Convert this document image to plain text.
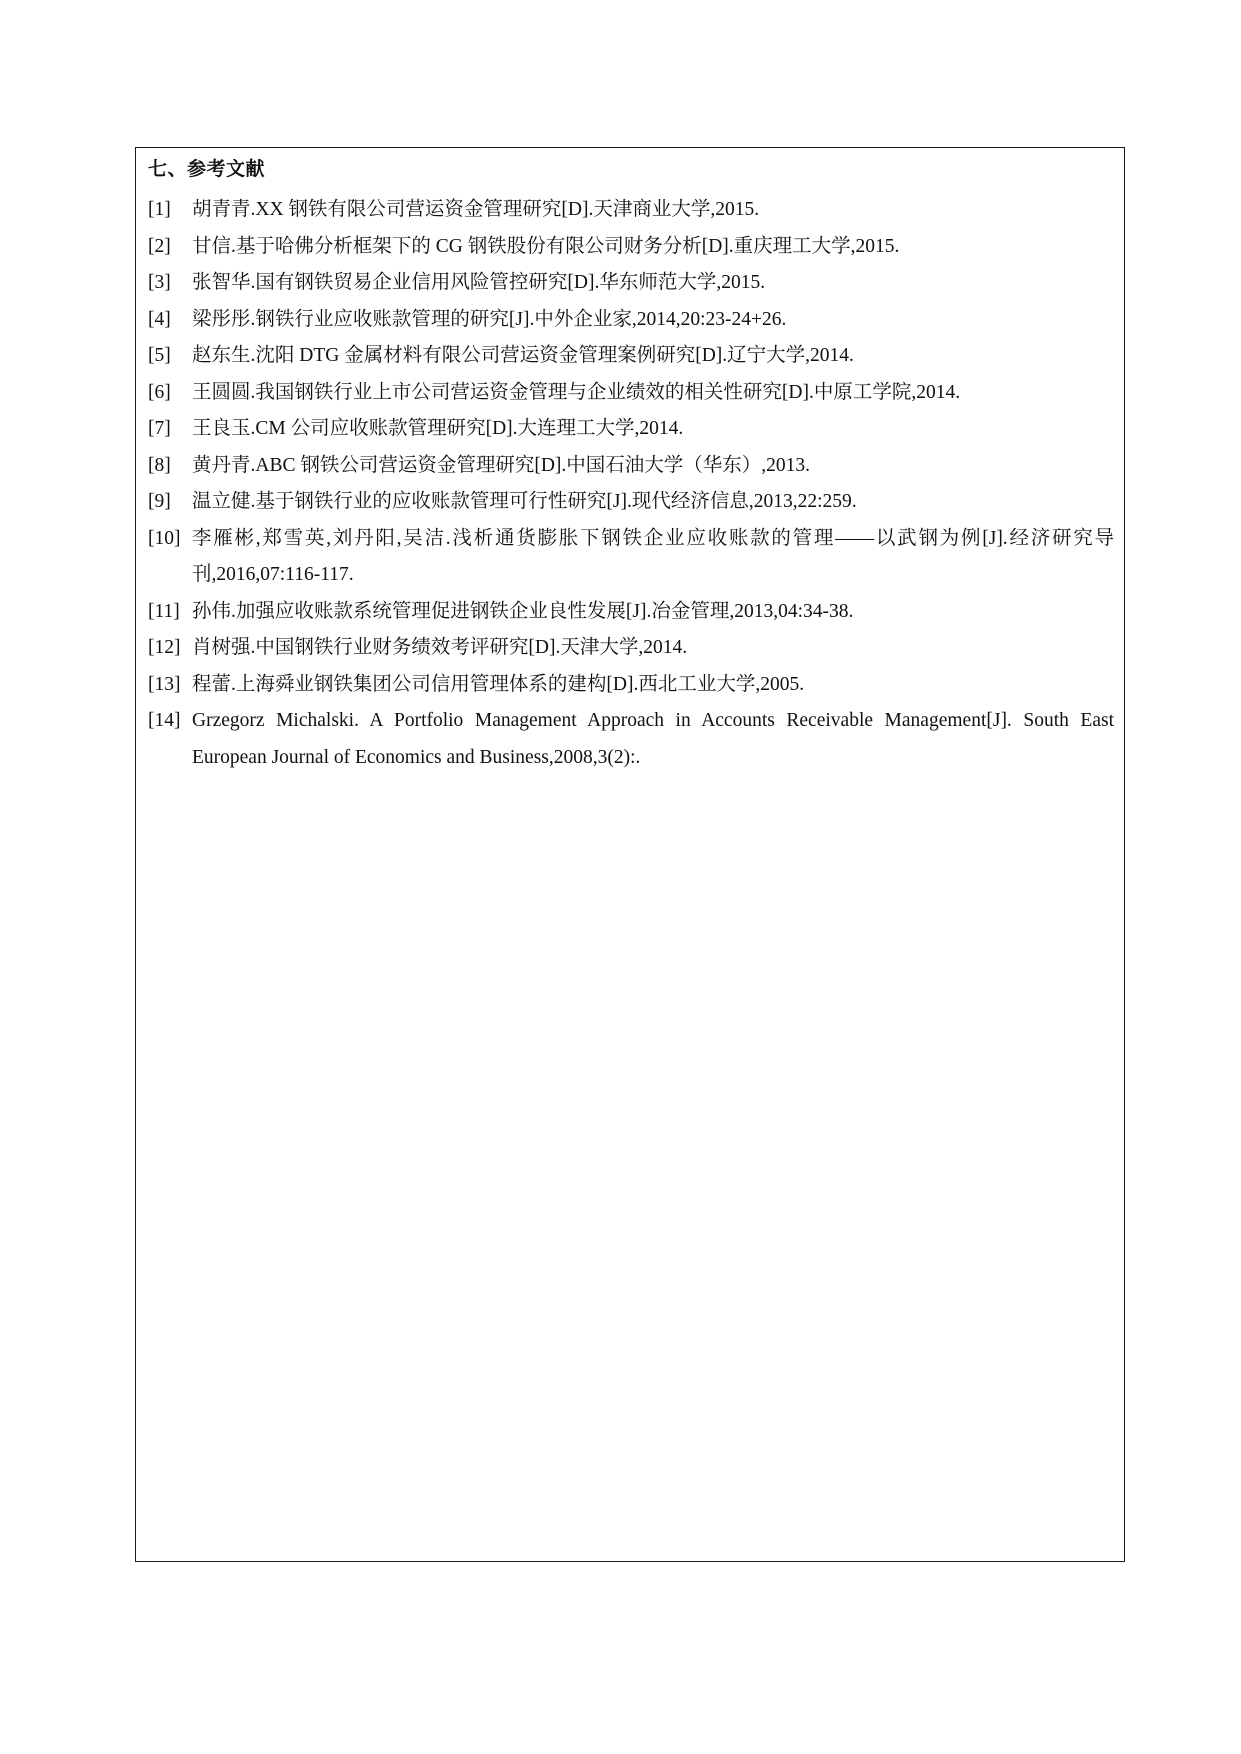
七、参考文献
[1] 胡青青.XX 钢铁有限公司营运资金管理研究[D].天津商业大学,2015.
[2] 甘信.基于哈佛分析框架下的 CG 钢铁股份有限公司财务分析[D].重庆理工大学,2015.
[3] 张智华.国有钢铁贸易企业信用风险管控研究[D].华东师范大学,2015.
[4] 梁彤彤.钢铁行业应收账款管理的研究[J].中外企业家,2014,20:23-24+26.
[5] 赵东生.沈阳 DTG 金属材料有限公司营运资金管理案例研究[D].辽宁大学,2014.
[6] 王圆圆.我国钢铁行业上市公司营运资金管理与企业绩效的相关性研究[D].中原工学院,2014.
[7] 王良玉.CM 公司应收账款管理研究[D].大连理工大学,2014.
[8] 黄丹青.ABC 钢铁公司营运资金管理研究[D].中国石油大学（华东）,2013.
[9] 温立健.基于钢铁行业的应收账款管理可行性研究[J].现代经济信息,2013,22:259.
[10] 李雁彬,郑雪英,刘丹阳,吴洁.浅析通货膨胀下钢铁企业应收账款的管理——以武钢为例[J].经济研究导刊,2016,07:116-117.
[11] 孙伟.加强应收账款系统管理促进钢铁企业良性发展[J].冶金管理,2013,04:34-38.
[12] 肖树强.中国钢铁行业财务绩效考评研究[D].天津大学,2014.
[13] 程蕾.上海舜业钢铁集团公司信用管理体系的建构[D].西北工业大学,2005.
[14] Grzegorz Michalski. A Portfolio Management Approach in Accounts Receivable Management[J]. South East European Journal of Economics and Business,2008,3(2):.
